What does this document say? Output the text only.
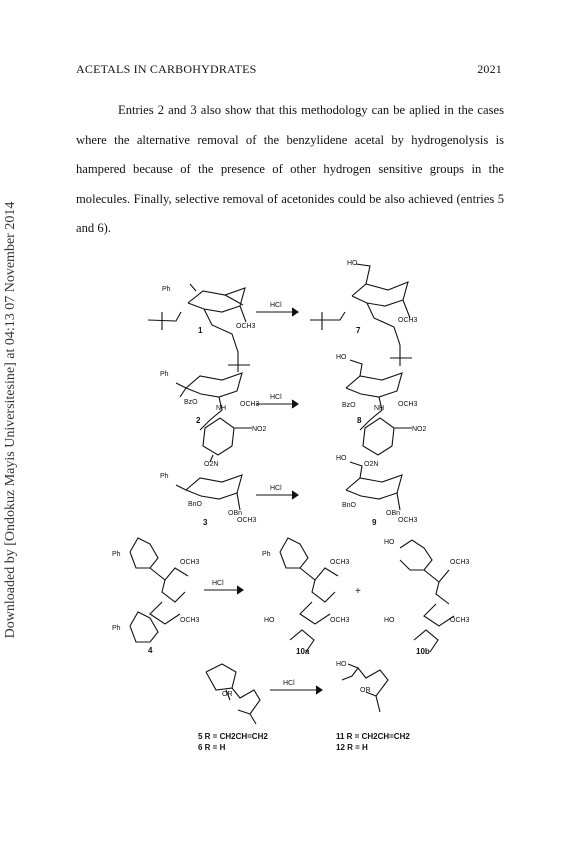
ACETALS IN CARBOHYDRATES	2021

Entries 2 and 3 also show that this methodology can be aplied in the cases where the alternative removal of the benzylidene acetal by hydrogenolysis is hampered because of the presence of other hydrogen sensitive groups in the molecules. Finally, selective removal of acetonides could be also achieved (entries 5 and 6).

Downloaded by [Ondokuz Mayis Universitesine] at 04:13 07 November 2014	HCl
HCl
HCl
HCl
HCl
Ph
Ph
Ph
Ph
Ph
Ph
OCH3
OCH3
OCH3	OCH3
OCH3	OCH3
OCH3
OCH3
OCH3
OCH3
OCH3
OCH3
BzO	BzO
BnO	BnO
OBn	OBn
NH	NH
NO2	NO2
O2N	O2N
HO
HO
HO
HO
HO	HO
HO
OR
OR
+
1	7
2	8
3	9
4	10a	10b
5 R = CH2CH=CH2
6 R = H
11 R = CH2CH=CH2
12 R = H
